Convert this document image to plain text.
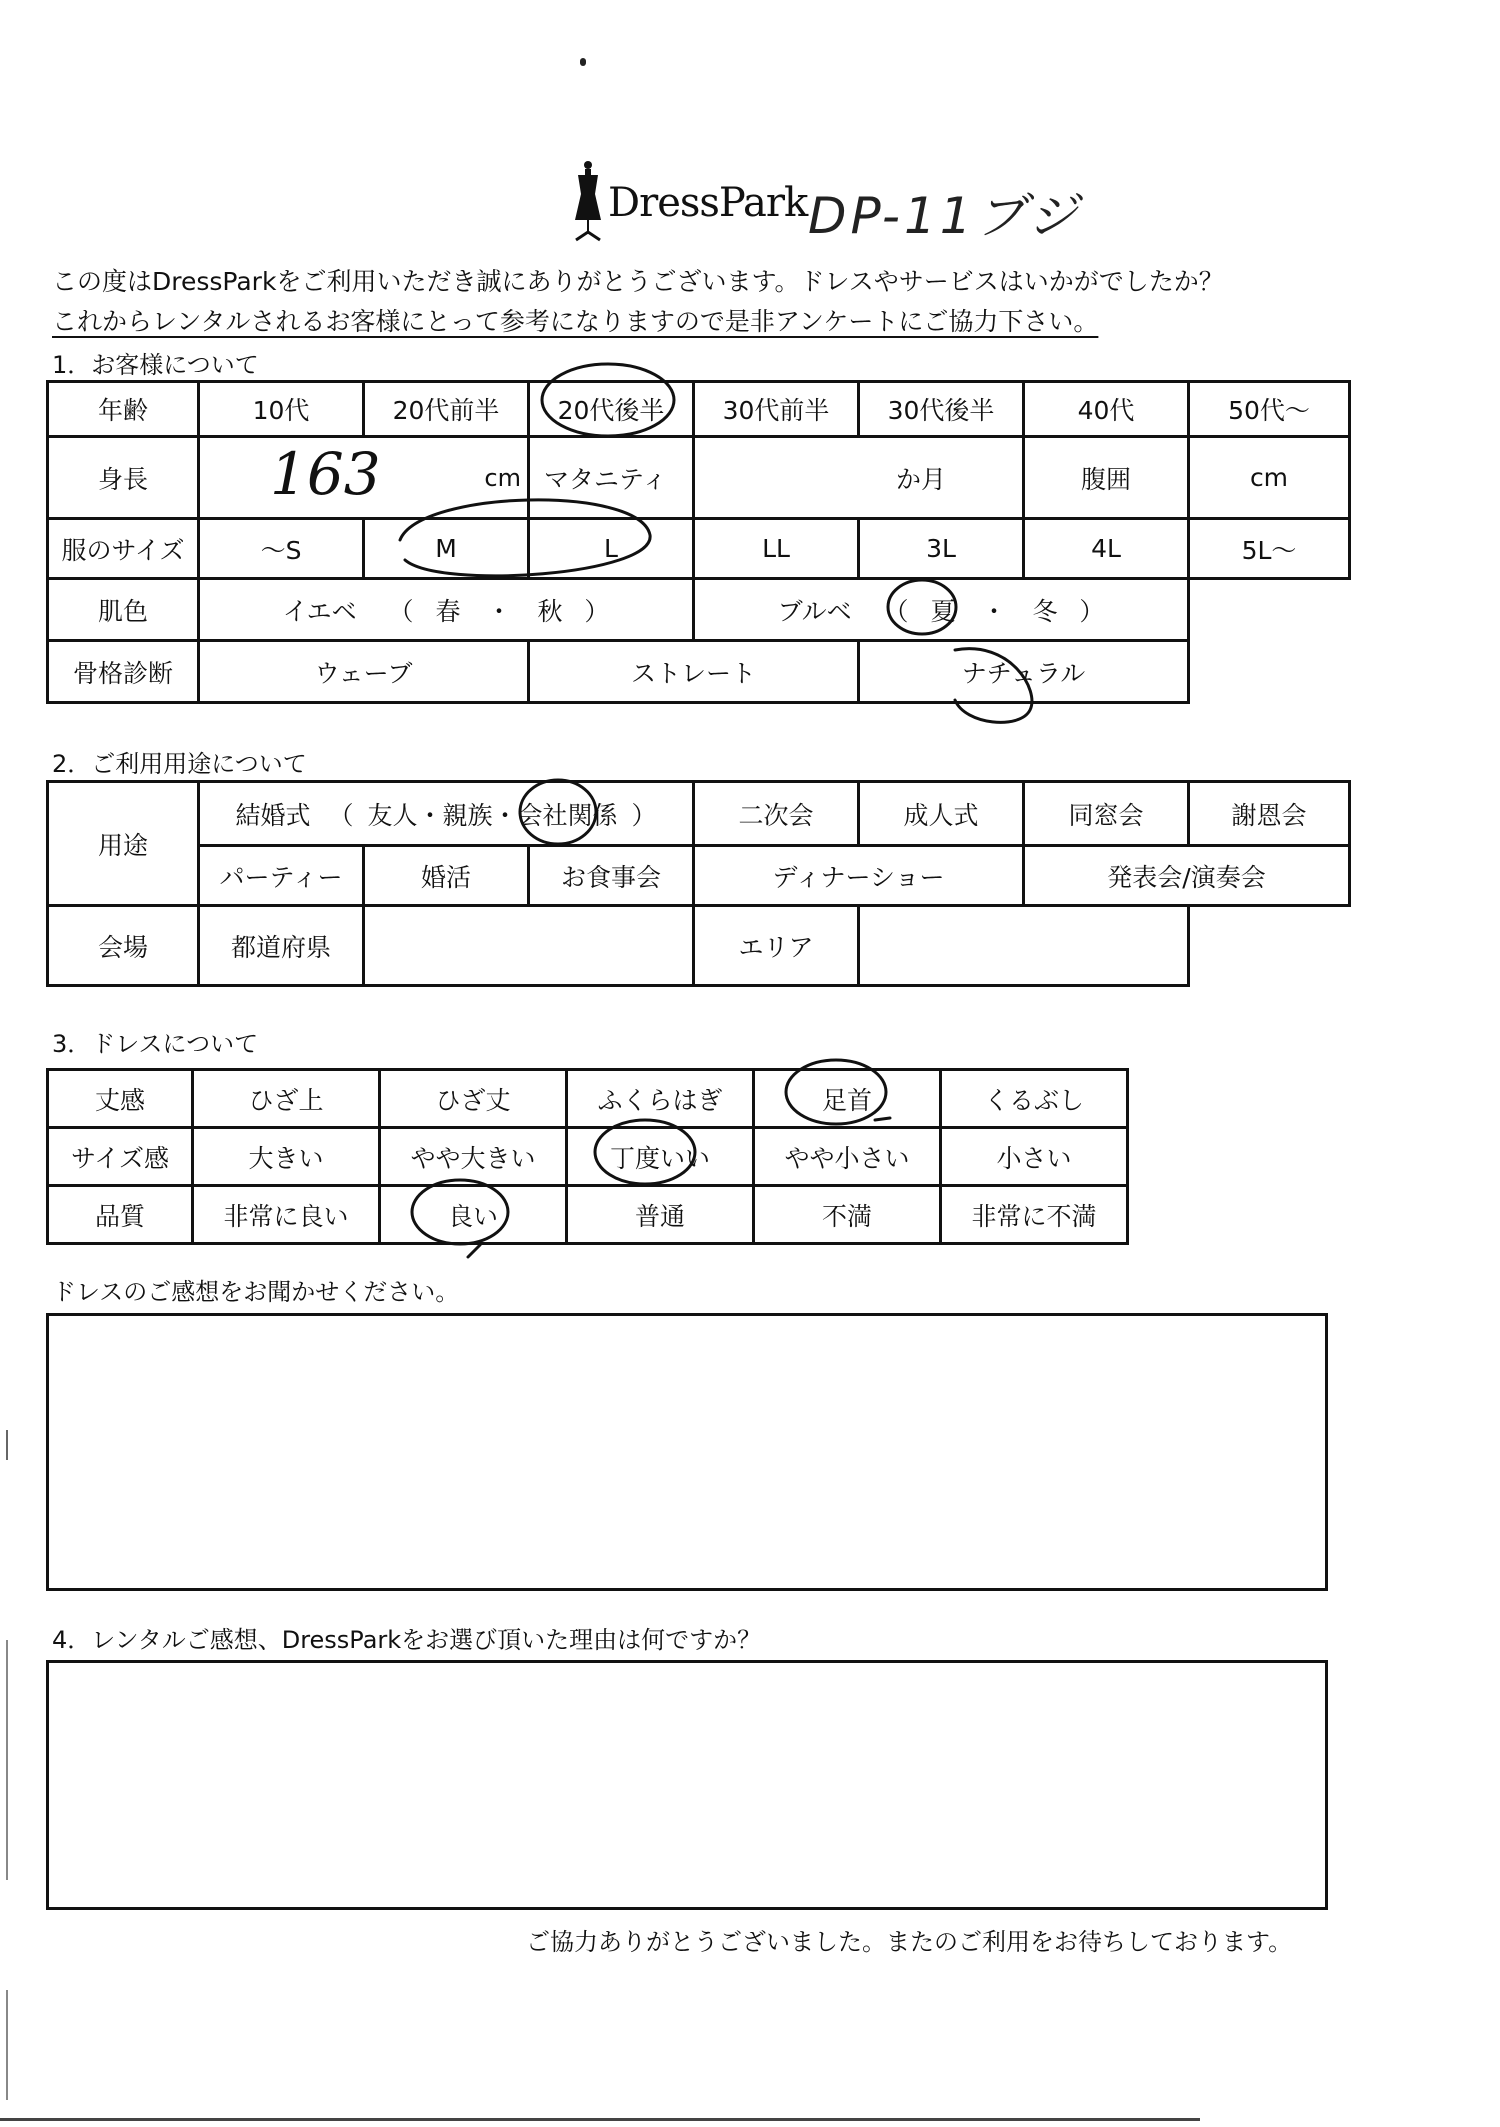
DressPark DP-11ブジ
この度はDressParkをご利用いただき誠にありがとうございます。ドレスやサービスはいかがでしたか？
これからレンタルされるお客様にとって参考になりますので是非アンケートにご協力下さい。
1．お客様について
年齢	10代	20代前半	20代後半	30代前半	30代後半	40代	50代～
身長	163 cm		マタニティ	か月		腹囲	cm
服のサイズ	～S	M	L	LL	3L	4L	5L～
肌色	イエベ （ 春 ・ 秋 ）			ブルベ （ 夏 ・ 冬 ）			
骨格診断	ウェーブ		ストレート		ナチュラル		
2．ご利用用途について
用途	結婚式 （ 友人・親族・会社関係 ）			二次会	成人式	同窓会	謝恩会
	パーティー	婚活	お食事会	ディナーショー		発表会/演奏会	
会場	都道府県			エリア			
3．ドレスについて
丈感	ひざ上	ひざ丈	ふくらはぎ	足首	くるぶし
サイズ感	大きい	やや大きい	丁度いい	やや小さい	小さい
品質	非常に良い	良い	普通	不満	非常に不満
ドレスのご感想をお聞かせください。
4．レンタルご感想、DressParkをお選び頂いた理由は何ですか？
ご協力ありがとうございました。またのご利用をお待ちしております。
